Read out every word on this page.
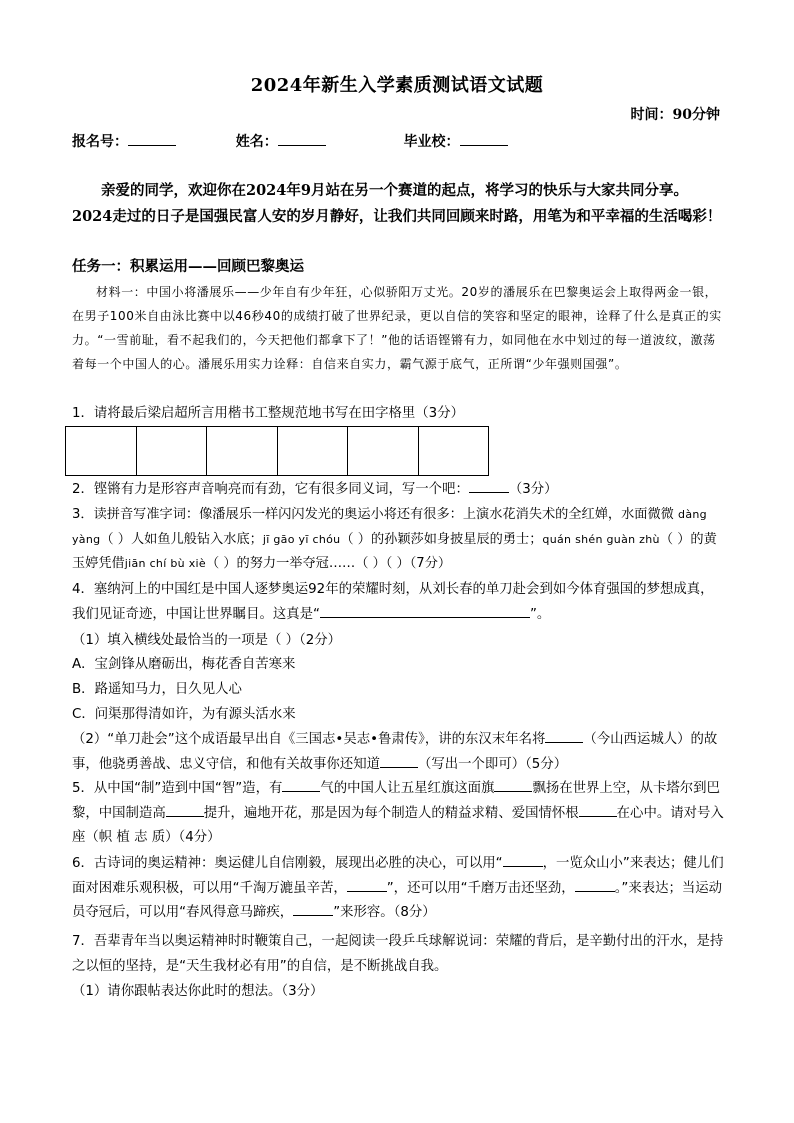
2024年新生入学素质测试语文试题
时间：90分钟
报名号：	姓名：	毕业校：
亲爱的同学，欢迎你在2024年9月站在另一个赛道的起点，将学习的快乐与大家共同分享。2024走过的日子是国强民富人安的岁月静好，让我们共同回顾来时路，用笔为和平幸福的生活喝彩！
任务一：积累运用——回顾巴黎奥运
材料一：中国小将潘展乐——少年自有少年狂，心似骄阳万丈光。20岁的潘展乐在巴黎奥运会上取得两金一银，在男子100米自由泳比赛中以46秒40的成绩打破了世界纪录，更以自信的笑容和坚定的眼神，诠释了什么是真正的实力。“一雪前耻，看不起我们的，今天把他们都拿下了！”他的话语铿锵有力，如同他在水中划过的每一道波纹，激荡着每一个中国人的心。潘展乐用实力诠释：自信来自实力，霸气源于底气，正所谓“少年强则国强”。
1．请将最后梁启超所言用楷书工整规范地书写在田字格里（3分）
2．铿锵有力是形容声音响亮而有劲，它有很多同义词，写一个吧：	（3分）
3．读拼音写准字词：像潘展乐一样闪闪发光的奥运小将还有很多：上演水花消失术的全红婵，水面微微 dàng yàng（ ）人如鱼儿般钻入水底；jī gāo yī chóu（ ）的孙颖莎如身披星辰的勇士；quán shén guàn zhù（ ）的黄玉婷凭借jiān chí bù xiè（ ）的努力一举夺冠……（ ）（ ）（7分）
4．塞纳河上的中国红是中国人逐梦奥运92年的荣耀时刻，从刘长春的单刀赴会到如今体育强国的梦想成真，我们见证奇迹，中国让世界瞩目。这真是“	”。
（1）填入横线处最恰当的一项是（ ）（2分）
A．宝剑锋从磨砺出，梅花香自苦寒来
B．路遥知马力，日久见人心
C．问渠那得清如许，为有源头活水来
（2）“单刀赴会”这个成语最早出自《三国志•吴志•鲁肃传》，讲的东汉末年名将	（今山西运城人）的故事，他骁勇善战、忠义守信，和他有关故事你还知道	（写出一个即可）（5分）
5．从中国“制”造到中国“智”造，有	气的中国人让五星红旗这面旗	飘扬在世界上空，从卡塔尔到巴黎，中国制造高	提升，遍地开花，那是因为每个制造人的精益求精、爱国情怀根	在心中。请对号入座（帜 植 志 质）（4分）
6．古诗词的奥运精神：奥运健儿自信刚毅，展现出必胜的决心，可以用“	，一览众山小”来表达；健儿们面对困难乐观积极，可以用“千淘万漉虽辛苦，	”，还可以用“千磨万击还坚劲，	。”来表达；当运动员夺冠后，可以用“春风得意马蹄疾，	”来形容。（8分）
7．吾辈青年当以奥运精神时时鞭策自己，一起阅读一段乒乓球解说词：荣耀的背后，是辛勤付出的汗水，是持之以恒的坚持，是“天生我材必有用”的自信，是不断挑战自我。
（1）请你跟帖表达你此时的想法。（3分）
